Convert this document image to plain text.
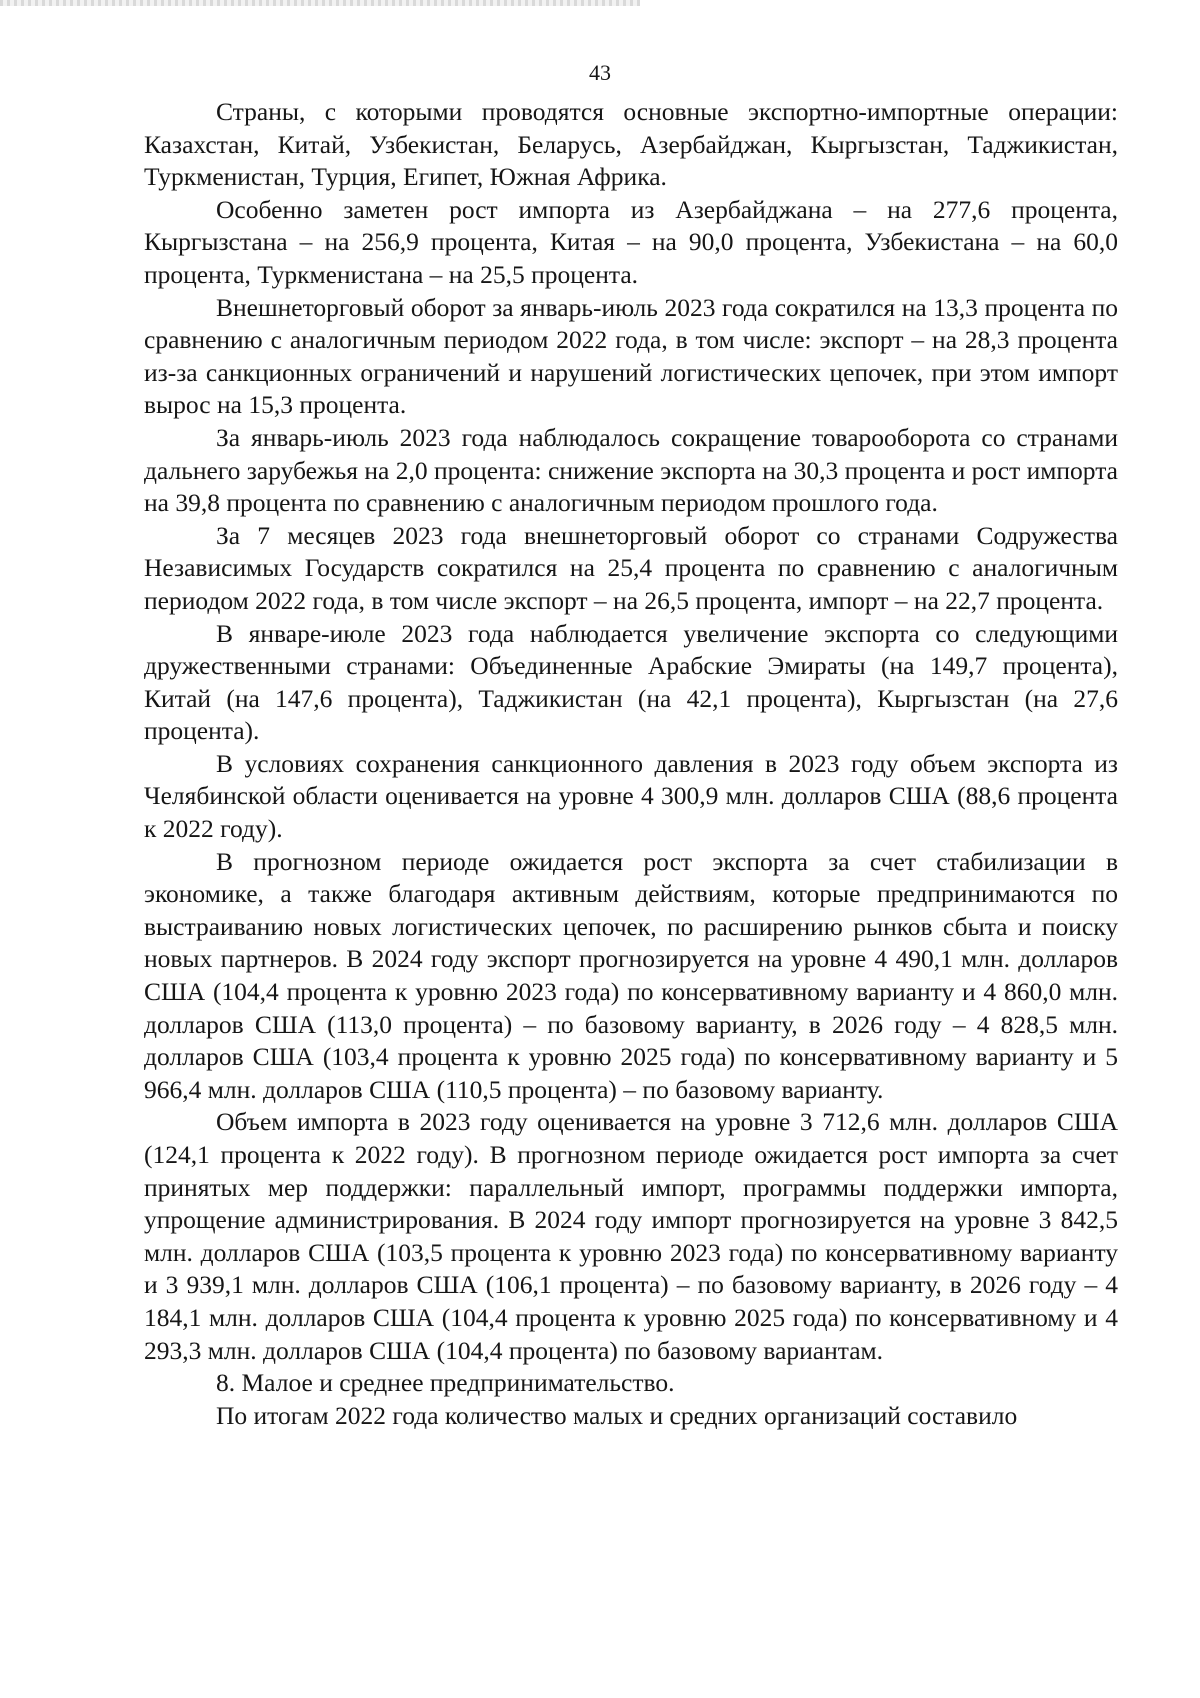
43

Страны, с которыми проводятся основные экспортно-импортные операции: Казахстан, Китай, Узбекистан, Беларусь, Азербайджан, Кыргызстан, Таджикистан, Туркменистан, Турция, Египет, Южная Африка.

Особенно заметен рост импорта из Азербайджана – на 277,6 процента, Кыргызстана – на 256,9 процента, Китая – на 90,0 процента, Узбекистана – на 60,0 процента, Туркменистана – на 25,5 процента.

Внешнеторговый оборот за январь-июль 2023 года сократился на 13,3 процента по сравнению с аналогичным периодом 2022 года, в том числе: экспорт – на 28,3 процента из-за санкционных ограничений и нарушений логистических цепочек, при этом импорт вырос на 15,3 процента.

За январь-июль 2023 года наблюдалось сокращение товарооборота со странами дальнего зарубежья на 2,0 процента: снижение экспорта на 30,3 процента и рост импорта на 39,8 процента по сравнению с аналогичным периодом прошлого года.

За 7 месяцев 2023 года внешнеторговый оборот со странами Содружества Независимых Государств сократился на 25,4 процента по сравнению с аналогичным периодом 2022 года, в том числе экспорт – на 26,5 процента, импорт – на 22,7 процента.

В январе-июле 2023 года наблюдается увеличение экспорта со следующими дружественными странами: Объединенные Арабские Эмираты (на 149,7 процента), Китай (на 147,6 процента), Таджикистан (на 42,1 процента), Кыргызстан (на 27,6 процента).

В условиях сохранения санкционного давления в 2023 году объем экспорта из Челябинской области оценивается на уровне 4 300,9 млн. долларов США (88,6 процента к 2022 году).

В прогнозном периоде ожидается рост экспорта за счет стабилизации в экономике, а также благодаря активным действиям, которые предпринимаются по выстраиванию новых логистических цепочек, по расширению рынков сбыта и поиску новых партнеров. В 2024 году экспорт прогнозируется на уровне 4 490,1 млн. долларов США (104,4 процента к уровню 2023 года) по консервативному варианту и 4 860,0 млн. долларов США (113,0 процента) – по базовому варианту, в 2026 году – 4 828,5 млн. долларов США (103,4 процента к уровню 2025 года) по консервативному варианту и 5 966,4 млн. долларов США (110,5 процента) – по базовому варианту.

Объем импорта в 2023 году оценивается на уровне 3 712,6 млн. долларов США (124,1 процента к 2022 году). В прогнозном периоде ожидается рост импорта за счет принятых мер поддержки: параллельный импорт, программы поддержки импорта, упрощение администрирования. В 2024 году импорт прогнозируется на уровне 3 842,5 млн. долларов США (103,5 процента к уровню 2023 года) по консервативному варианту и 3 939,1 млн. долларов США (106,1 процента) – по базовому варианту, в 2026 году – 4 184,1 млн. долларов США (104,4 процента к уровню 2025 года) по консервативному и 4 293,3 млн. долларов США (104,4 процента) по базовому вариантам.

8. Малое и среднее предпринимательство.

По итогам 2022 года количество малых и средних организаций составило
